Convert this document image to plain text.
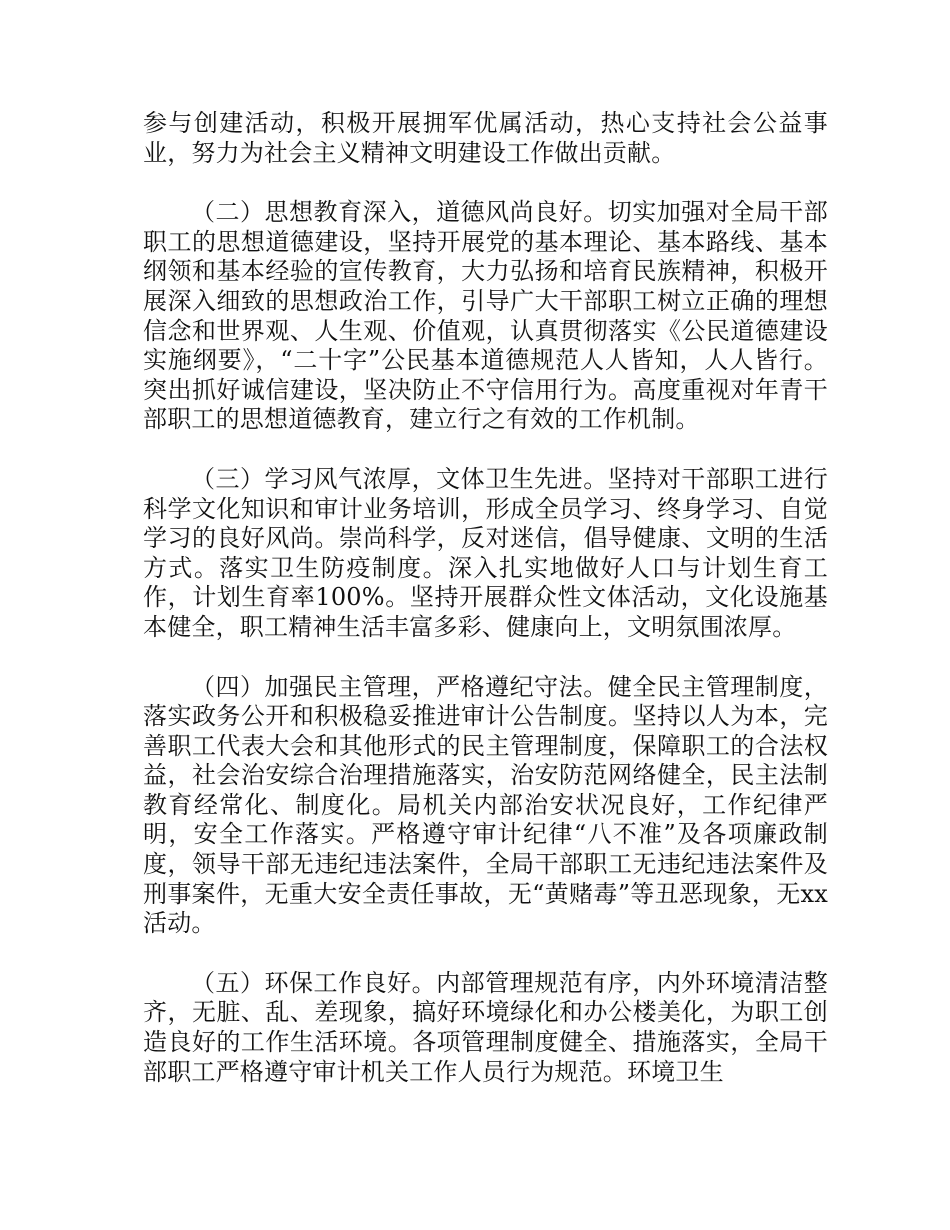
参与创建活动，积极开展拥军优属活动，热心支持社会公益事业，努力为社会主义精神文明建设工作做出贡献。

（二）思想教育深入，道德风尚良好。切实加强对全局干部职工的思想道德建设，坚持开展党的基本理论、基本路线、基本纲领和基本经验的宣传教育，大力弘扬和培育民族精神，积极开展深入细致的思想政治工作，引导广大干部职工树立正确的理想信念和世界观、人生观、价值观，认真贯彻落实《公民道德建设实施纲要》，“二十字”公民基本道德规范人人皆知，人人皆行。突出抓好诚信建设，坚决防止不守信用行为。高度重视对年青干部职工的思想道德教育，建立行之有效的工作机制。

（三）学习风气浓厚，文体卫生先进。坚持对干部职工进行科学文化知识和审计业务培训，形成全员学习、终身学习、自觉学习的良好风尚。崇尚科学，反对迷信，倡导健康、文明的生活方式。落实卫生防疫制度。深入扎实地做好人口与计划生育工作，计划生育率100%。坚持开展群众性文体活动，文化设施基本健全，职工精神生活丰富多彩、健康向上，文明氛围浓厚。

（四）加强民主管理，严格遵纪守法。健全民主管理制度，落实政务公开和积极稳妥推进审计公告制度。坚持以人为本，完善职工代表大会和其他形式的民主管理制度，保障职工的合法权益，社会治安综合治理措施落实，治安防范网络健全，民主法制教育经常化、制度化。局机关内部治安状况良好，工作纪律严明，安全工作落实。严格遵守审计纪律“八不准”及各项廉政制度，领导干部无违纪违法案件，全局干部职工无违纪违法案件及刑事案件，无重大安全责任事故，无“黄赌毒”等丑恶现象，无xx活动。

（五）环保工作良好。内部管理规范有序，内外环境清洁整齐，无脏、乱、差现象，搞好环境绿化和办公楼美化，为职工创造良好的工作生活环境。各项管理制度健全、措施落实，全局干部职工严格遵守审计机关工作人员行为规范。环境卫生
